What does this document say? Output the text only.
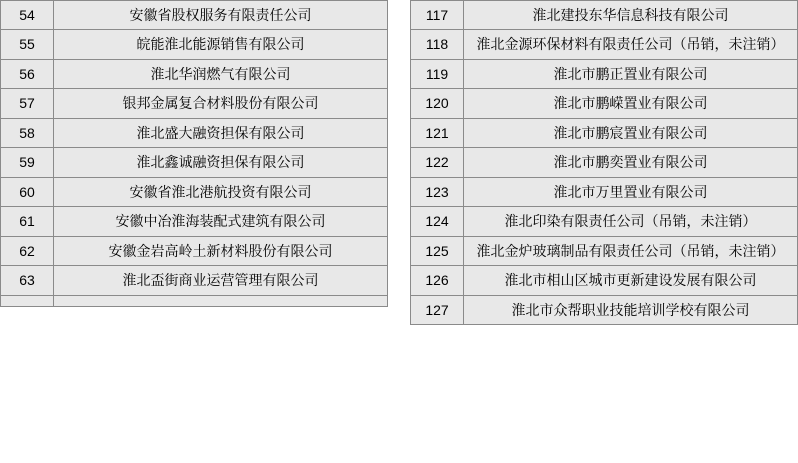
54	安徽省股权服务有限责任公司
55	皖能淮北能源销售有限公司
56	淮北华润燃气有限公司
57	银邦金属复合材料股份有限公司
58	淮北盛大融资担保有限公司
59	淮北鑫诚融资担保有限公司
60	安徽省淮北港航投资有限公司
61	安徽中冶淮海装配式建筑有限公司
62	安徽金岩高岭土新材料股份有限公司
63	淮北盃街商业运营管理有限公司

117	淮北建投东华信息科技有限公司
118	淮北金源环保材料有限责任公司（吊销，未注销）
119	淮北市鹏正置业有限公司
120	淮北市鹏嵘置业有限公司
121	淮北市鹏宸置业有限公司
122	淮北市鹏奕置业有限公司
123	淮北市万里置业有限公司
124	淮北印染有限责任公司（吊销，未注销）
125	淮北金炉玻璃制品有限责任公司（吊销，未注销）
126	淮北市相山区城市更新建设发展有限公司
127	淮北市众帮职业技能培训学校有限公司
